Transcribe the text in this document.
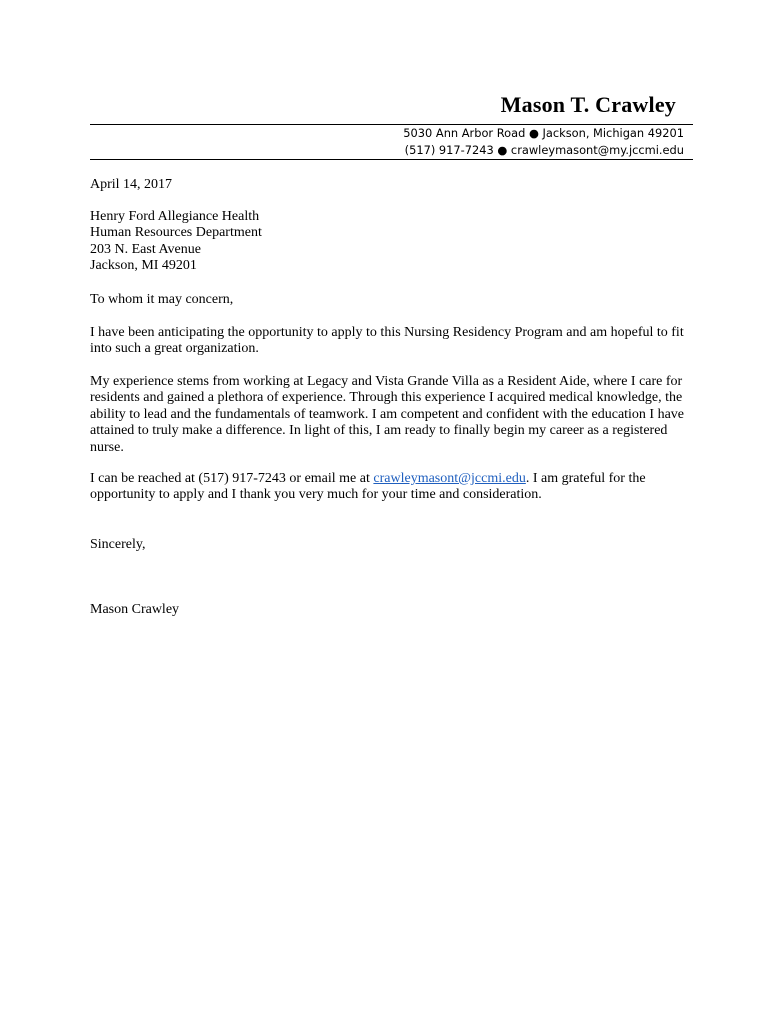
Mason T. Crawley
5030 Ann Arbor Road ● Jackson, Michigan 49201
(517) 917-7243 ● crawleymasont@my.jccmi.edu
April 14, 2017

Henry Ford Allegiance Health

Human Resources Department

203 N. East Avenue

Jackson, MI 49201

To whom it may concern,
I have been anticipating the opportunity to apply to this Nursing Residency Program and am hopeful to fit into such a great organization.
My experience stems from working at Legacy and Vista Grande Villa as a Resident Aide, where I care for residents and gained a plethora of experience. Through this experience I acquired medical knowledge, the ability to lead and the fundamentals of teamwork. I am competent and confident with the education I have attained to truly make a difference. In light of this, I am ready to finally begin my career as a registered nurse.
I can be reached at (517) 917-7243 or email me at crawleymasont@jccmi.edu. I am grateful for the opportunity to apply and I thank you very much for your time and consideration.
Sincerely,
Mason Crawley
